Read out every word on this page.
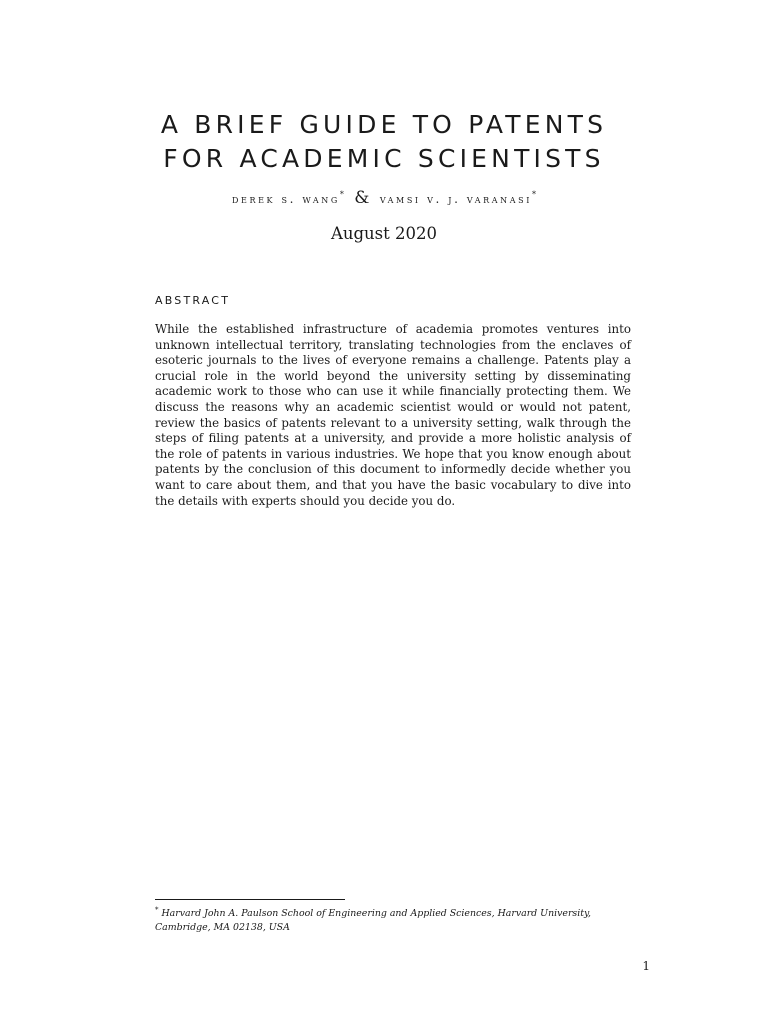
A BRIEF GUIDE TO PATENTS
FOR ACADEMIC SCIENTISTS
derek s. wang* & vamsi v. j. varanasi*
August 2020
ABSTRACT

While the established infrastructure of academia promotes ventures into unknown intellectual territory, translating technologies from the enclaves of esoteric journals to the lives of everyone remains a challenge. Patents play a crucial role in the world beyond the university setting by disseminating academic work to those who can use it while financially protecting them. We discuss the reasons why an academic scientist would or would not patent, review the basics of patents relevant to a university setting, walk through the steps of filing patents at a university, and provide a more holistic analysis of the role of patents in various industries. We hope that you know enough about patents by the conclusion of this document to informedly decide whether you want to care about them, and that you have the basic vocabulary to dive into the details with experts should you decide you do.

* Harvard John A. Paulson School of Engineering and Applied Sciences, Harvard University, Cambridge, MA 02138, USA
1
